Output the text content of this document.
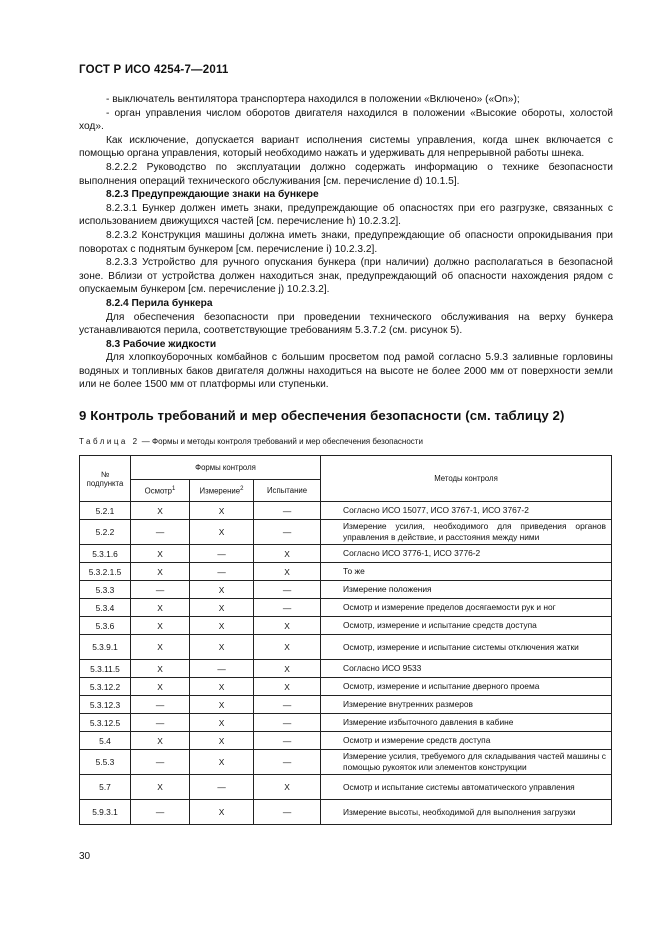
ГОСТ Р ИСО 4254-7—2011

- выключатель вентилятора транспортера находился в положении «Включено» («On»);

- орган управления числом оборотов двигателя находился в положении «Высокие обороты, холостой ход».

Как исключение, допускается вариант исполнения системы управления, когда шнек включается с помощью органа управления, который необходимо нажать и удерживать для непрерывной работы шнека.

8.2.2.2 Руководство по эксплуатации должно содержать информацию о технике безопасности выполнения операций технического обслуживания [см. перечисление d) 10.1.5].

8.2.3 Предупреждающие знаки на бункере

8.2.3.1 Бункер должен иметь знаки, предупреждающие об опасностях при его разгрузке, связанных с использованием движущихся частей [см. перечисление h) 10.2.3.2].

8.2.3.2 Конструкция машины должна иметь знаки, предупреждающие об опасности опрокидывания при поворотах с поднятым бункером [см. перечисление i) 10.2.3.2].

8.2.3.3 Устройство для ручного опускания бункера (при наличии) должно располагаться в безопасной зоне. Вблизи от устройства должен находиться знак, предупреждающий об опасности нахождения рядом с опускаемым бункером [см. перечисление j) 10.2.3.2].

8.2.4 Перила бункера

Для обеспечения безопасности при проведении технического обслуживания на верху бункера устанавливаются перила, соответствующие требованиям 5.3.7.2 (см. рисунок 5).

8.3 Рабочие жидкости

Для хлопкоуборочных комбайнов с большим просветом под рамой согласно 5.9.3 заливные горловины водяных и топливных баков двигателя должны находиться на высоте не более 2000 мм от поверхности земли или не более 1500 мм от платформы или ступеньки.

9 Контроль требований и мер обеспечения безопасности (см. таблицу 2)
Таблица 2 — Формы и методы контроля требований и мер обеспечения безопасности
№ подпункта	Формы контроля			Методы контроля
	Осмотр$^1$	Измерение$^2$	Испытание	
5.2.1	X	X	—	Согласно ИСО 15077, ИСО 3767-1, ИСО 3767-2
5.2.2	—	X	—	Измерение усилия, необходимого для приведения органов управления в действие, и расстояния между ними
5.3.1.6	X	—	X	Согласно ИСО 3776-1, ИСО 3776-2
5.3.2.1.5	X	—	X	То же
5.3.3	—	X	—	Измерение положения
5.3.4	X	X	—	Осмотр и измерение пределов досягаемости рук и ног
5.3.6	X	X	X	Осмотр, измерение и испытание средств доступа
5.3.9.1	X	X	X	Осмотр, измерение и испытание системы отключения жатки
5.3.11.5	X	—	X	Согласно ИСО 9533
5.3.12.2	X	X	X	Осмотр, измерение и испытание дверного проема
5.3.12.3	—	X	—	Измерение внутренних размеров
5.3.12.5	—	X	—	Измерение избыточного давления в кабине
5.4	X	X	—	Осмотр и измерение средств доступа
5.5.3	—	X	—	Измерение усилия, требуемого для складывания частей машины с помощью рукояток или элементов конструкции
5.7	X	—	X	Осмотр и испытание системы автоматического управления
5.9.3.1	—	X	—	Измерение высоты, необходимой для выполнения загрузки
30
